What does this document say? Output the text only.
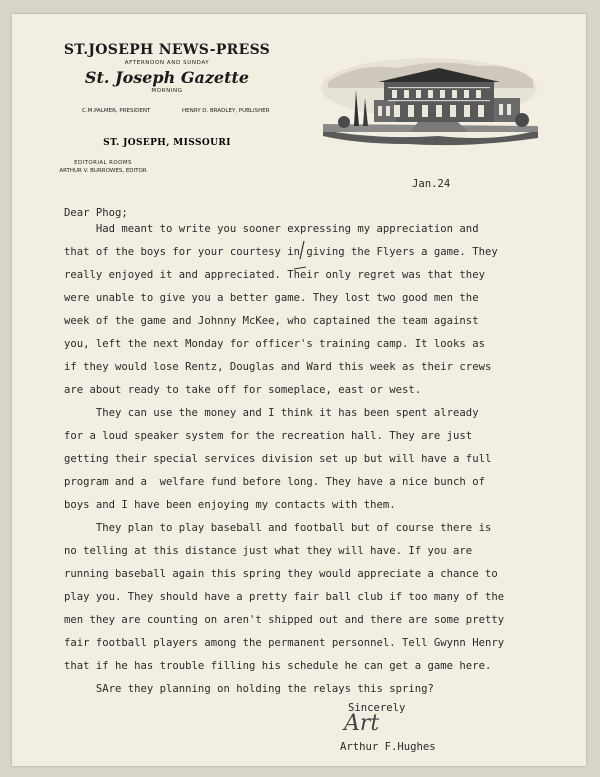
ST.JOSEPH NEWS-PRESS
AFTERNOON AND SUNDAY
St. Joseph Gazette
MORNING
C.M.PALMER, PRESIDENT	HENRY D. BRADLEY, PUBLISHER
ST. JOSEPH, MISSOURI
EDITORIAL ROOMS
ARTHUR V. BURROWES, EDITOR
Jan.24
Dear Phog;
Had meant to write you sooner expressing my appreciation and
that of the boys for your courtesy in giving the Flyers a game. They
really enjoyed it and appreciated. Their only regret was that they
were unable to give you a better game. They lost two good men the
week of the game and Johnny McKee, who captained the team against
you, left the next Monday for officer's training camp. It looks as
if they would lose Rentz, Douglas and Ward this week as their crews
are about ready to take off for someplace, east or west.
They can use the money and I think it has been spent already
for a loud speaker system for the recreation hall. They are just
getting their special services division set up but will have a full
program and a  welfare fund before long. They have a nice bunch of
boys and I have been enjoying my contacts with them.
They plan to play baseball and football but of course there is
no telling at this distance just what they will have. If you are
running baseball again this spring they would appreciate a chance to
play you. They should have a pretty fair ball club if too many of the
men they are counting on aren't shipped out and there are some pretty
fair football players among the permanent personnel. Tell Gwynn Henry
that if he has trouble filling his schedule he can get a game here.
SAre they planning on holding the relays this spring?
Sincerely
Art
Arthur F.Hughes
